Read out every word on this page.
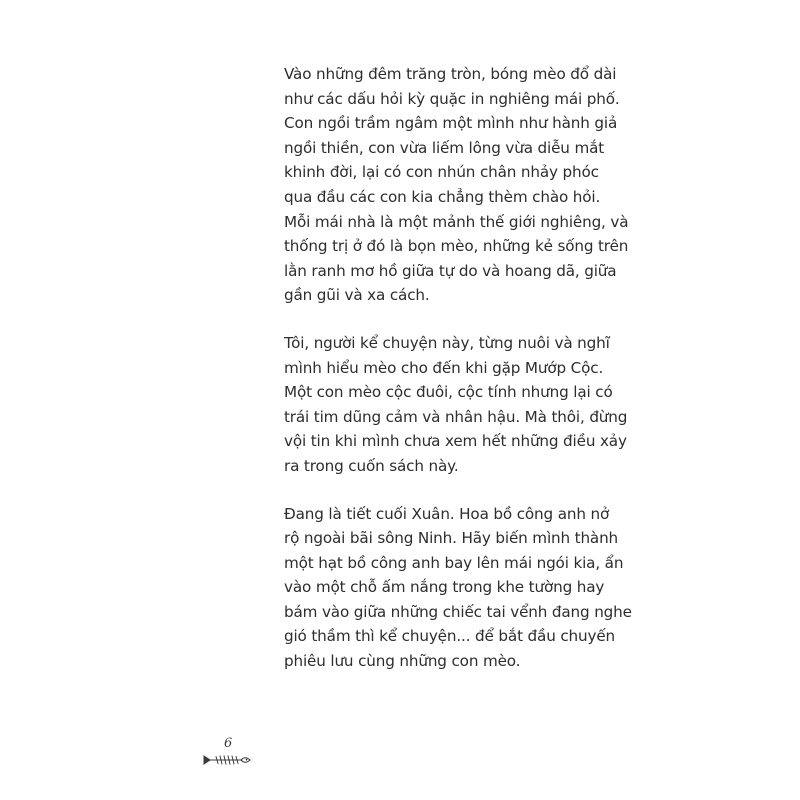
Vào những đêm trăng tròn, bóng mèo đổ dài
như các dấu hỏi kỳ quặc in nghiêng mái phố.
Con ngồi trầm ngâm một mình như hành giả
ngồi thiền, con vừa liếm lông vừa diễu mắt
khinh đời, lại có con nhún chân nhảy phóc
qua đầu các con kia chẳng thèm chào hỏi.
Mỗi mái nhà là một mảnh thế giới nghiêng, và
thống trị ở đó là bọn mèo, những kẻ sống trên
lằn ranh mơ hồ giữa tự do và hoang dã, giữa
gần gũi và xa cách.

Tôi, người kể chuyện này, từng nuôi và nghĩ
mình hiểu mèo cho đến khi gặp Mướp Cộc.
Một con mèo cộc đuôi, cộc tính nhưng lại có
trái tim dũng cảm và nhân hậu. Mà thôi, đừng
vội tin khi mình chưa xem hết những điều xảy
ra trong cuốn sách này.

Đang là tiết cuối Xuân. Hoa bồ công anh nở
rộ ngoài bãi sông Ninh. Hãy biến mình thành
một hạt bồ công anh bay lên mái ngói kia, ẩn
vào một chỗ ấm nắng trong khe tường hay
bám vào giữa những chiếc tai vểnh đang nghe
gió thầm thì kể chuyện... để bắt đầu chuyến
phiêu lưu cùng những con mèo.

6
